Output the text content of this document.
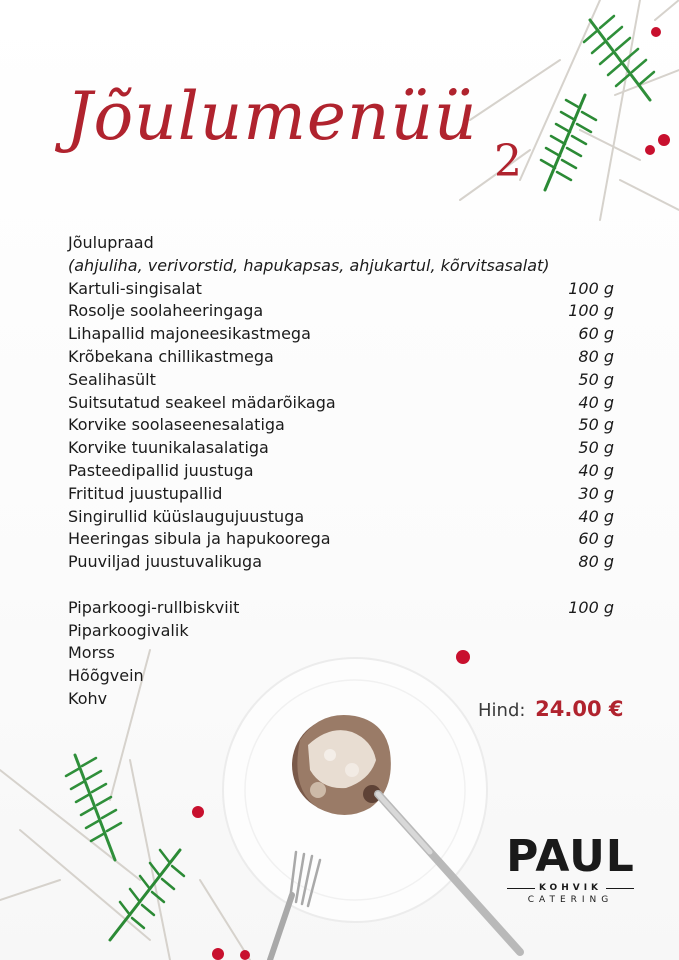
Jõulumenüü
2
Jõulupraad
(ahjuliha, verivorstid, hapukapsas, ahjukartul, kõrvitsasalat)
Kartuli-singisalat	100 g
Rosolje soolaheeringaga	100 g
Lihapallid majoneesikastmega	60 g
Krõbekana chillikastmega	80 g
Sealihasült	50 g
Suitsutatud seakeel mädarõikaga	40 g
Korvike soolaseenesalatiga	50 g
Korvike tuunikalasalatiga	50 g
Pasteedipallid juustuga	40 g
Frititud juustupallid	30 g
Singirullid küüslaugujuustuga	40 g
Heeringas sibula ja hapukoorega	60 g
Puuviljad juustuvalikuga	80 g
Piparkoogi-rullbiskviit	100 g
Piparkoogivalik
Morss
Hõõgvein
Kohv
Hind: 24.00 €
PAUL
KOHVIK
CATERING
